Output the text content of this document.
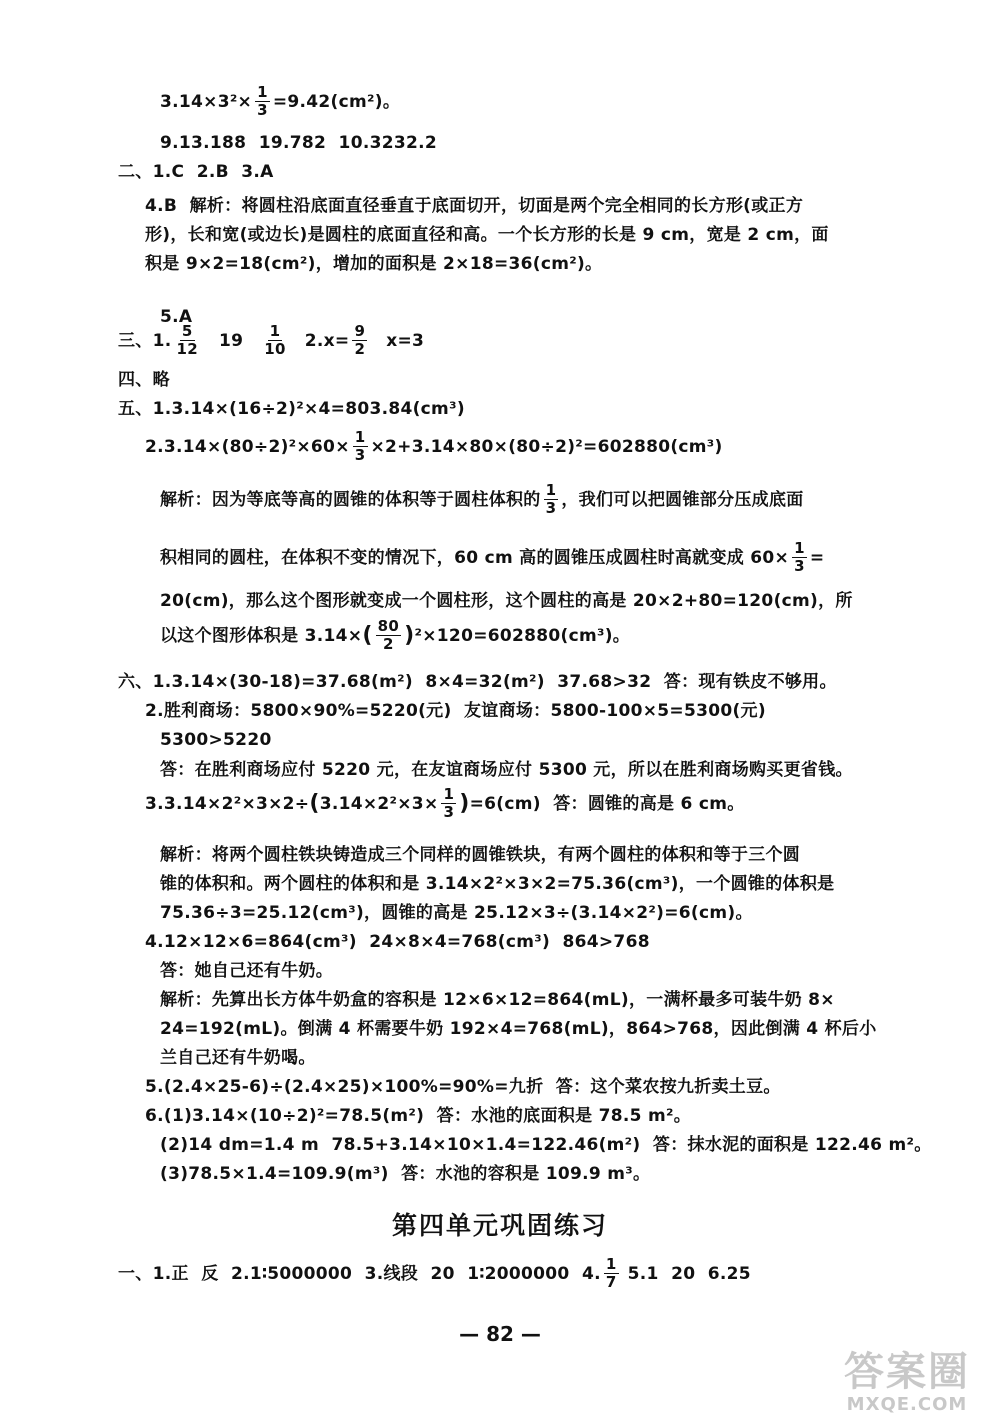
$3.14\times 3^2\times \frac{1}{3} =9.42(cm^2)$。
9.13.188  19.782  10.3232.2
二、1.C  2.B  3.A
4.B  解析：将圆柱沿底面直径垂直于底面切开，切面是两个完全相同的长方形(或正方
形)，长和宽(或边长)是圆柱的底面直径和高。一个长方形的长是 9 cm，宽是 2 cm，面
积是 9×2=18(cm²)，增加的面积是 2×18=36(cm²)。
5.A
三、1. $\frac{5}{12} 19 \frac{1}{10} 2.x= \frac{9}{2} x=3$
四、略
五、1.3.14×(16÷2)²×4=803.84(cm³)
$2.3.14\times(80\div 2)^2\times 60\times \frac{1}{3} \times 2+3.14\times 80\times(80\div 2)^2=602880(cm^3)$
解析：因为等底等高的圆锥的体积等于圆柱体积的 $\frac{1}{3}$ ，我们可以把圆锥部分压成底面
积相同的圆柱，在体积不变的情况下，60 cm 高的圆锥压成圆柱时高就变成 $60\times \frac{1}{3}$ =
20(cm)，那么这个图形就变成一个圆柱形，这个圆柱的高是 20×2+80=120(cm)，所
以这个图形体积是 3.14× ( $\frac{80}{2}$ ) ²×120=602880(cm³)。
六、1.3.14×(30-18)=37.68(m²)  8×4=32(m²)  37.68>32  答：现有铁皮不够用。
2.胜利商场：5800×90%=5220(元)  友谊商场：5800-100×5=5300(元)
5300>5220
答：在胜利商场应付 5220 元，在友谊商场应付 5300 元，所以在胜利商场购买更省钱。
3.3.14×2²×3×2÷ ( $3.14\times 2^2\times 3\times \frac{1}{3}$ ) =6(cm)  答：圆锥的高是 6 cm。
解析：将两个圆柱铁块铸造成三个同样的圆锥铁块，有两个圆柱的体积和等于三个圆
锥的体积和。两个圆柱的体积和是 3.14×2²×3×2=75.36(cm³)，一个圆锥的体积是
75.36÷3=25.12(cm³)，圆锥的高是 25.12×3÷(3.14×2²)=6(cm)。
4.12×12×6=864(cm³)  24×8×4=768(cm³)  864>768
答：她自己还有牛奶。
解析：先算出长方体牛奶盒的容积是 12×6×12=864(mL)，一满杯最多可装牛奶 8×
24=192(mL)。倒满 4 杯需要牛奶 192×4=768(mL)，864>768，因此倒满 4 杯后小
兰自己还有牛奶喝。
5.(2.4×25-6)÷(2.4×25)×100%=90%=九折  答：这个菜农按九折卖土豆。
6.(1)3.14×(10÷2)²=78.5(m²)  答：水池的底面积是 78.5 m²。
(2)14 dm=1.4 m  78.5+3.14×10×1.4=122.46(m²)  答：抹水泥的面积是 122.46 m²。
(3)78.5×1.4=109.9(m³)  答：水池的容积是 109.9 m³。
第四单元巩固练习
一、1.正  反  2.1∶5000000  3.线段  20  1∶2000000  4. $\frac{1}{7} 5.1$  20  6.25
— 82 —
答案圈
MXQE.COM
